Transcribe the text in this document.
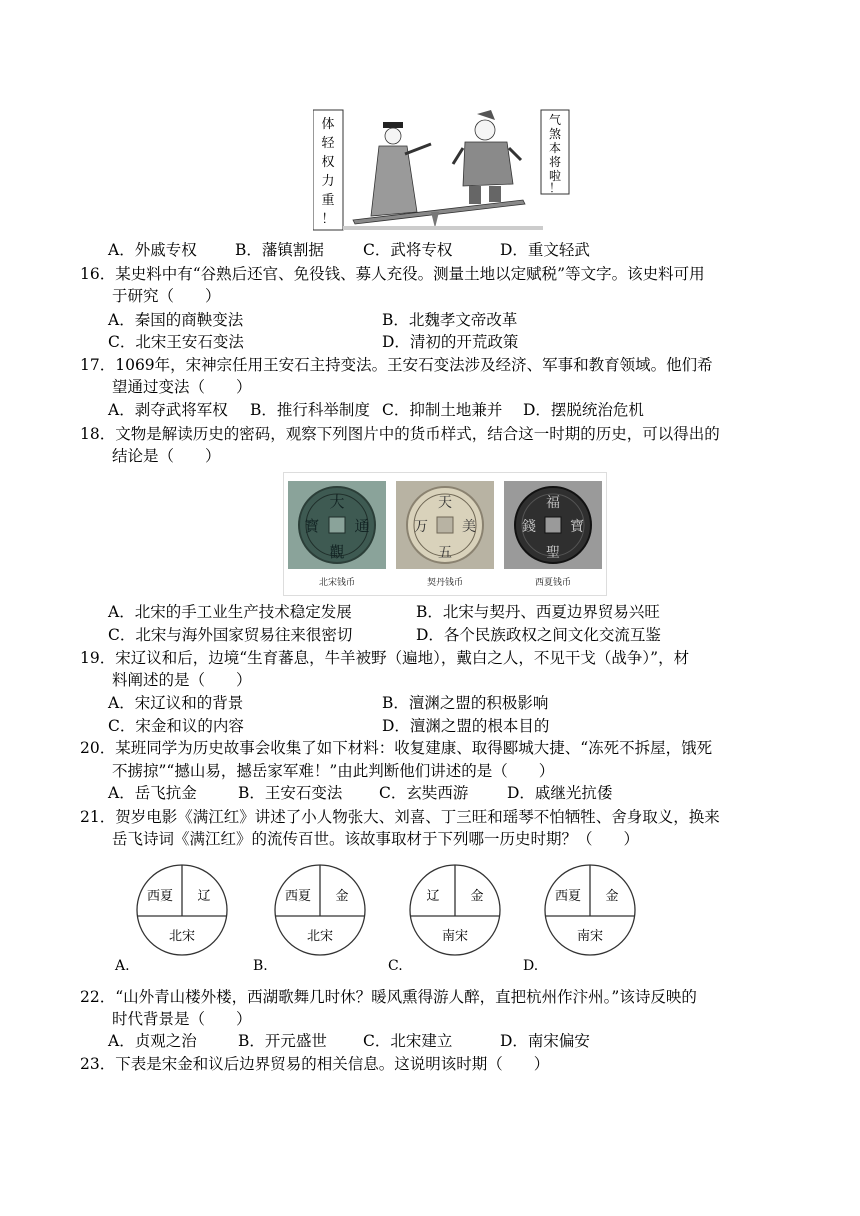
体
轻
权
力
重
！
气
煞
本
将
啦
！
A．外戚专权 B．藩镇割据	C．武将专权	D．重文轻武
16．某史料中有“谷熟后还官、免役钱、募人充役。测量土地以定赋税”等文字。该史料可用
于研究（　　）
A．秦国的商鞅变法	B．北魏孝文帝改革
C．北宋王安石变法	D．清初的开荒政策
17．1069年，宋神宗任用王安石主持变法。王安石变法涉及经济、军事和教育领域。他们希
望通过变法（　　）
A．剥夺武将军权 B．推行科举制度 C．抑制土地兼并 D．摆脱统治危机
18．文物是解读历史的密码，观察下列图片中的货币样式，结合这一时期的历史，可以得出的
结论是（　　）
大
通
觀
寳
天
五
万 美
福
寶
聖
錢
北宋钱币	契丹钱币	西夏钱币
A．北宋的手工业生产技术稳定发展	B．北宋与契丹、西夏边界贸易兴旺
C．北宋与海外国家贸易往来很密切	D．各个民族政权之间文化交流互鉴
19．宋辽议和后，边境“生育蕃息，牛羊被野（遍地），戴白之人，不见干戈（战争）”，材
料阐述的是（　　）
A．宋辽议和的背景	B．澶渊之盟的积极影响
C．宋金和议的内容	D．澶渊之盟的根本目的
20．某班同学为历史故事会收集了如下材料：收复建康、取得郾城大捷、“冻死不拆屋，饿死
不掳掠”“撼山易，撼岳家军难！”由此判断他们讲述的是（　　）
A．岳飞抗金	B．王安石变法 C．玄奘西游 D．戚继光抗倭
21．贺岁电影《满江红》讲述了小人物张大、刘喜、丁三旺和瑶琴不怕牺牲、舍身取义，换来
岳飞诗词《满江红》的流传百世。该故事取材于下列哪一历史时期？（　　）
西夏 辽
北宋
A.
西夏 金
北宋
B.
辽 金
南宋
C.
西夏 金
南宋
D.
22．“山外青山楼外楼，西湖歌舞几时休？暖风熏得游人醉，直把杭州作汴州。”该诗反映的
时代背景是（　　）
A．贞观之治	B．开元盛世 C．北宋建立	D．南宋偏安
23．下表是宋金和议后边界贸易的相关信息。这说明该时期（　　）
